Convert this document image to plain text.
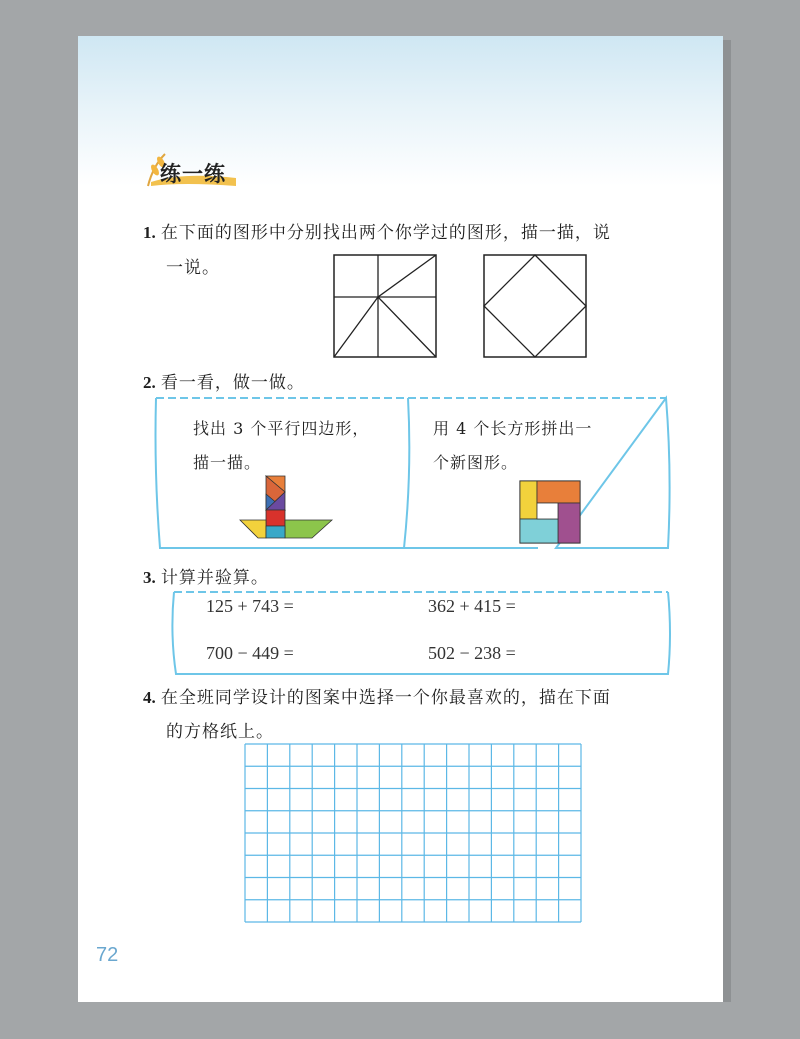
练一练
1. 在下面的图形中分别找出两个你学过的图形，描一描，说
一说。
2. 看一看，做一做。
找出 3 个平行四边形，
描一描。
用 4 个长方形拼出一
个新图形。
3. 计算并验算。
125 + 743 =	362 + 415 =
700 − 449 =	502 − 238 =
4. 在全班同学设计的图案中选择一个你最喜欢的，描在下面
的方格纸上。
72
